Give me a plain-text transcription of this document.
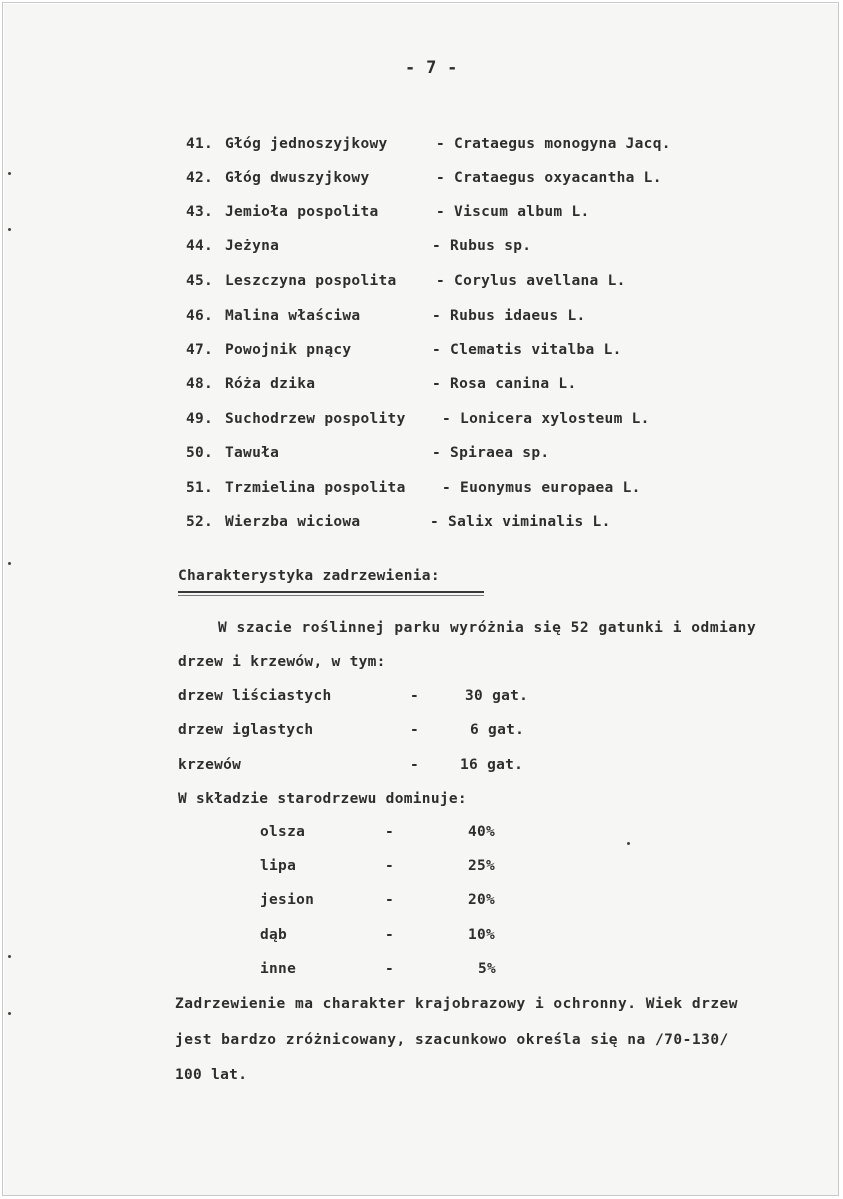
- 7 -
41. Głóg jednoszyjkowy	- Crataegus monogyna Jacq.
42. Głóg dwuszyjkowy	- Crataegus oxyacantha L.
43. Jemioła pospolita	- Viscum album L.
44. Jeżyna	- Rubus sp.
45. Leszczyna pospolita	- Corylus avellana L.
46. Malina właściwa	- Rubus idaeus L.
47. Powojnik pnący	- Clematis vitalba L.
48. Róża dzika	- Rosa canina L.
49. Suchodrzew pospolity	- Lonicera xylosteum L.
50. Tawuła	- Spiraea sp.
51. Trzmielina pospolita	- Euonymus europaea L.
52. Wierzba wiciowa	- Salix viminalis L.
Charakterystyka zadrzewienia:
W szacie roślinnej parku wyróżnia się 52 gatunki i odmiany
drzew i krzewów, w tym:
drzew liściastych	-	30 gat.
drzew iglastych	-	6 gat.
krzewów	-	16 gat.
W składzie starodrzewu dominuje:
olsza	-	40%
lipa	-	25%
jesion	-	20%
dąb	-	10%
inne	-	5%
Zadrzewienie ma charakter krajobrazowy i ochronny. Wiek drzew
jest bardzo zróżnicowany, szacunkowo określa się na /70-130/
100 lat.
